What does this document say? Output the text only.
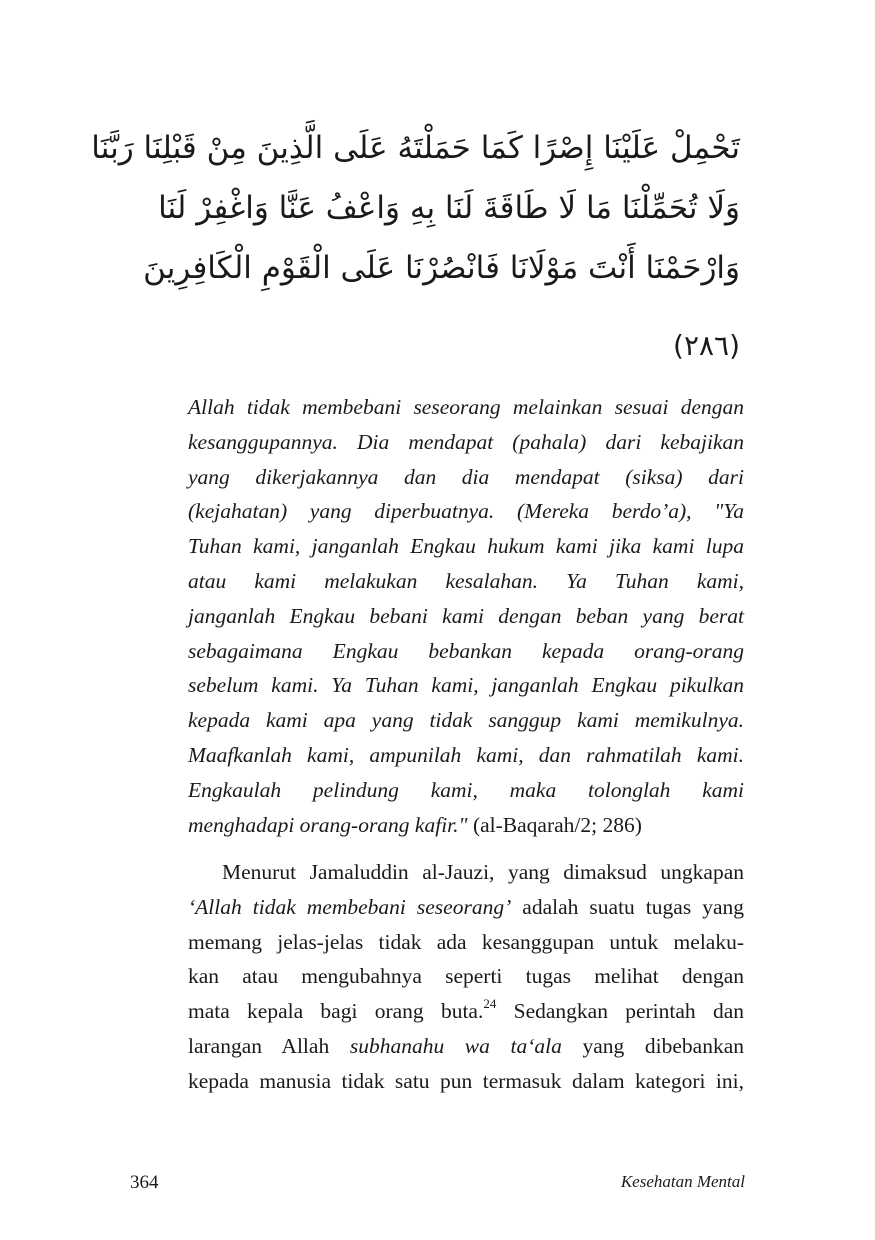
تَحْمِلْ عَلَيْنَا إِصْرًا كَمَا حَمَلْتَهُ عَلَى الَّذِينَ مِنْ قَبْلِنَا رَبَّنَا
وَلَا تُحَمِّلْنَا مَا لَا طَاقَةَ لَنَا بِهِ وَاعْفُ عَنَّا وَاغْفِرْ لَنَا
وَارْحَمْنَا أَنْتَ مَوْلَانَا فَانْصُرْنَا عَلَى الْقَوْمِ الْكَافِرِينَ
(٢٨٦)
Allah tidak membebani seseorang melainkan sesuai dengan
kesanggupannya. Dia mendapat (pahala) dari kebajikan
yang dikerjakannya dan dia mendapat (siksa) dari
(kejahatan) yang diperbuatnya. (Mereka berdo’a), "Ya
Tuhan kami, janganlah Engkau hukum kami jika kami lupa
atau kami melakukan kesalahan. Ya Tuhan kami,
janganlah Engkau bebani kami dengan beban yang berat
sebagaimana Engkau bebankan kepada orang-orang
sebelum kami. Ya Tuhan kami, janganlah Engkau pikulkan
kepada kami apa yang tidak sanggup kami memikulnya.
Maafkanlah kami, ampunilah kami, dan rahmatilah kami.
Engkaulah pelindung kami, maka tolonglah kami
menghadapi orang-orang kafir." (al-Baqarah/2; 286)
Menurut Jamaluddin al-Jauzi, yang dimaksud ungkapan
‘Allah tidak membebani seseorang’ adalah suatu tugas yang
memang jelas-jelas tidak ada kesanggupan untuk melaku-
kan atau mengubahnya seperti tugas melihat dengan
mata kepala bagi orang buta.$^{24}$ Sedangkan perintah dan
larangan Allah subhanahu wa ta‘ala yang dibebankan
kepada manusia tidak satu pun termasuk dalam kategori ini,
364	Kesehatan Mental
